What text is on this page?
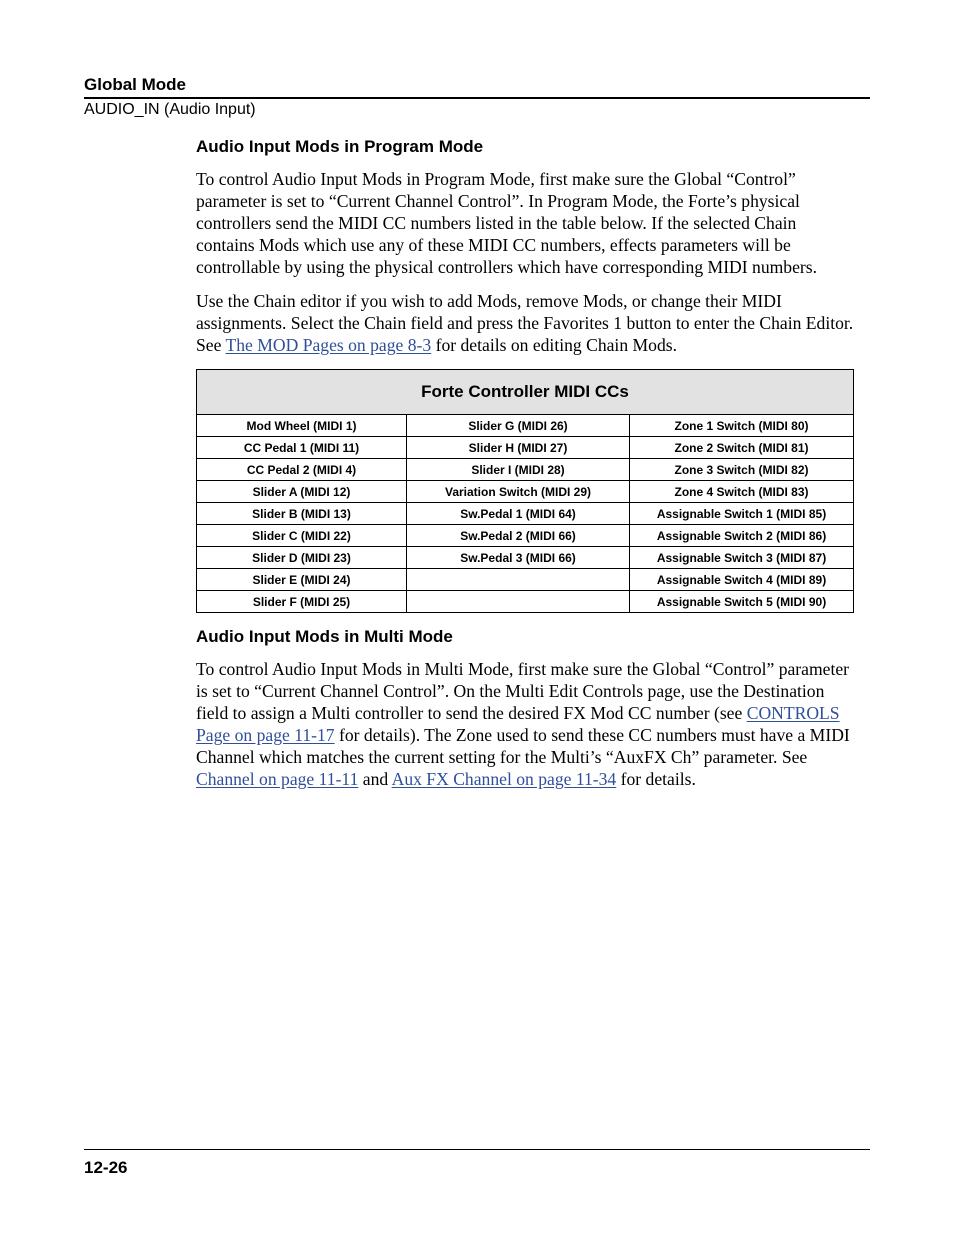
Global Mode
AUDIO_IN (Audio Input)
Audio Input Mods in Program Mode

To control Audio Input Mods in Program Mode, first make sure the Global “Control” parameter is set to “Current Channel Control”. In Program Mode, the Forte’s physical controllers send the MIDI CC numbers listed in the table below. If the selected Chain contains Mods which use any of these MIDI CC numbers, effects parameters will be controllable by using the physical controllers which have corresponding MIDI numbers.

Use the Chain editor if you wish to add Mods, remove Mods, or change their MIDI assignments. Select the Chain field and press the Favorites 1 button to enter the Chain Editor. See The MOD Pages on page 8-3 for details on editing Chain Mods.

Forte Controller MIDI CCs		
Mod Wheel (MIDI 1)	Slider G (MIDI 26)	Zone 1 Switch (MIDI 80)
CC Pedal 1 (MIDI 11)	Slider H (MIDI 27)	Zone 2 Switch (MIDI 81)
CC Pedal 2 (MIDI 4)	Slider I (MIDI 28)	Zone 3 Switch (MIDI 82)
Slider A (MIDI 12)	Variation Switch (MIDI 29)	Zone 4 Switch (MIDI 83)
Slider B (MIDI 13)	Sw.Pedal 1 (MIDI 64)	Assignable Switch 1 (MIDI 85)
Slider C (MIDI 22)	Sw.Pedal 2 (MIDI 66)	Assignable Switch 2 (MIDI 86)
Slider D (MIDI 23)	Sw.Pedal 3 (MIDI 66)	Assignable Switch 3 (MIDI 87)
Slider E (MIDI 24)		Assignable Switch 4 (MIDI 89)
Slider F (MIDI 25)		Assignable Switch 5 (MIDI 90)
Audio Input Mods in Multi Mode

To control Audio Input Mods in Multi Mode, first make sure the Global “Control” parameter is set to “Current Channel Control”. On the Multi Edit Controls page, use the Destination field to assign a Multi controller to send the desired FX Mod CC number (see CONTROLS Page on page 11-17 for details). The Zone used to send these CC numbers must have a MIDI Channel which matches the current setting for the Multi’s “AuxFX Ch” parameter. See Channel on page 11-11 and Aux FX Channel on page 11-34 for details.

12-26
